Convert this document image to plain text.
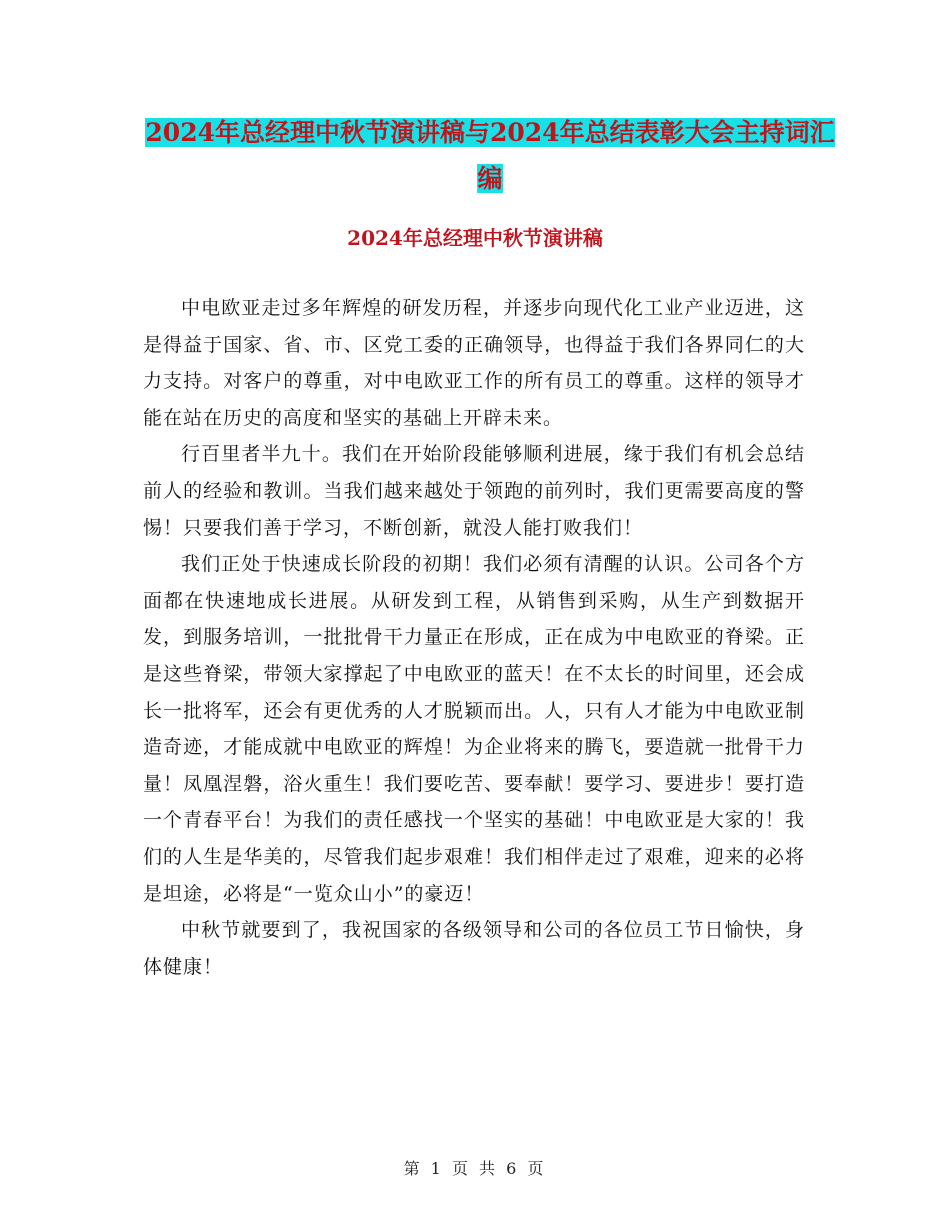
2024年总经理中秋节演讲稿与2024年总结表彰大会主持词汇编
2024年总经理中秋节演讲稿

中电欧亚走过多年辉煌的研发历程，并逐步向现代化工业产业迈进，这是得益于国家、省、市、区党工委的正确领导，也得益于我们各界同仁的大力支持。对客户的尊重，对中电欧亚工作的所有员工的尊重。这样的领导才能在站在历史的高度和坚实的基础上开辟未来。

行百里者半九十。我们在开始阶段能够顺利进展，缘于我们有机会总结前人的经验和教训。当我们越来越处于领跑的前列时，我们更需要高度的警惕！只要我们善于学习，不断创新，就没人能打败我们！

我们正处于快速成长阶段的初期！我们必须有清醒的认识。公司各个方面都在快速地成长进展。从研发到工程，从销售到采购，从生产到数据开发，到服务培训，一批批骨干力量正在形成，正在成为中电欧亚的脊梁。正是这些脊梁，带领大家撑起了中电欧亚的蓝天！在不太长的时间里，还会成长一批将军，还会有更优秀的人才脱颖而出。人，只有人才能为中电欧亚制造奇迹，才能成就中电欧亚的辉煌！为企业将来的腾飞，要造就一批骨干力量！凤凰涅磐，浴火重生！我们要吃苦、要奉献！要学习、要进步！要打造一个青春平台！为我们的责任感找一个坚实的基础！中电欧亚是大家的！我们的人生是华美的，尽管我们起步艰难！我们相伴走过了艰难，迎来的必将是坦途，必将是“一览众山小”的豪迈！

中秋节就要到了，我祝国家的各级领导和公司的各位员工节日愉快，身体健康！

第 1 页 共 6 页
